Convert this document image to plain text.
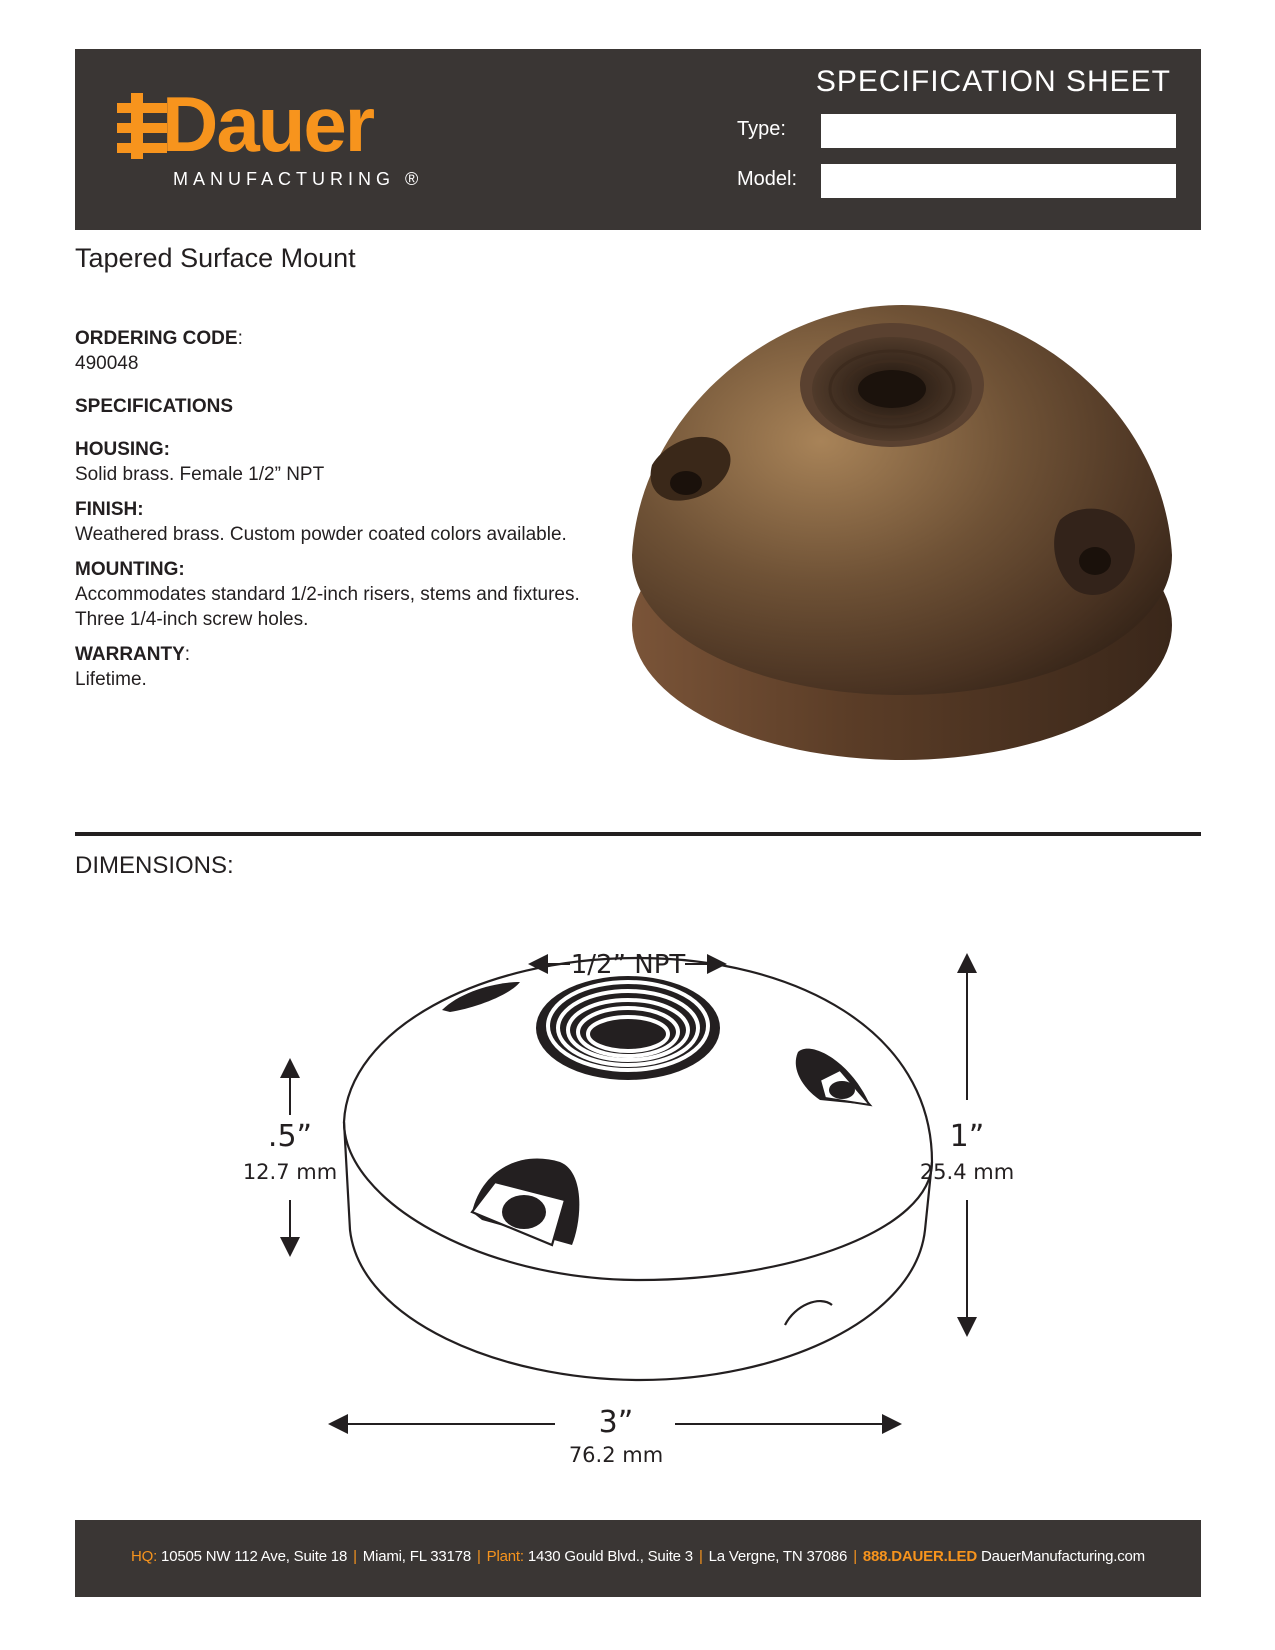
Dauer
MANUFACTURING ®
SPECIFICATION SHEET
Type:
Model:
Tapered Surface Mount
ORDERING CODE:
490048
SPECIFICATIONS
HOUSING:
Solid brass. Female 1/2” NPT
FINISH:
Weathered brass. Custom powder coated colors available.
MOUNTING:
Accommodates standard 1/2-inch risers, stems and fixtures. Three 1/4-inch screw holes.
WARRANTY:
Lifetime.
DIMENSIONS:
1/2” NPT
.5”
12.7 mm
1”
25.4 mm
3”
76.2 mm
HQ: 10505 NW 112 Ave, Suite 18 | Miami, FL 33178 | Plant: 1430 Gould Blvd., Suite 3 | La Vergne, TN 37086 | 888.DAUER.LED DauerManufacturing.com
